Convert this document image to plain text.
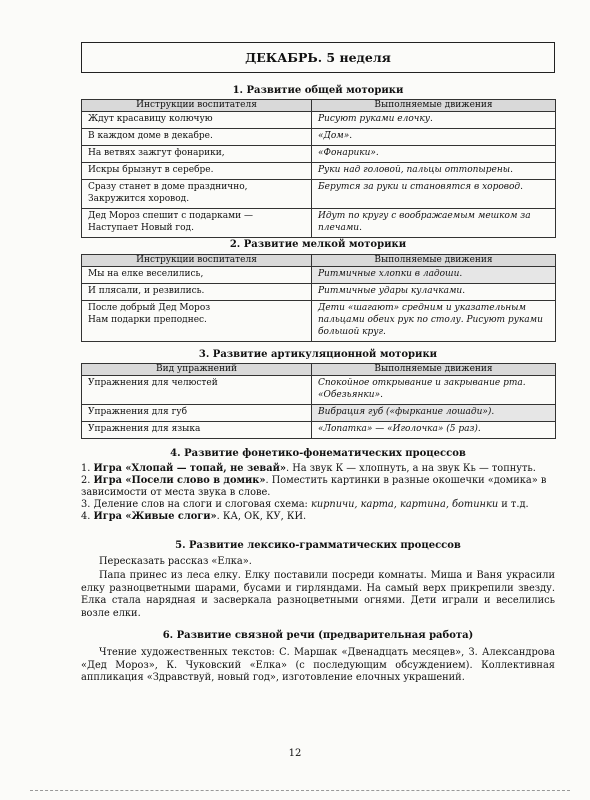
ДЕКАБРЬ. 5 неделя
1. Развитие общей моторики
Инструкции воспитателя	Выполняемые движения
Ждут красавицу колючую	Рисуют руками елочку.
В каждом доме в декабре.	«Дом».
На ветвях зажгут фонарики,	«Фонарики».
Искры брызнут в серебре.	Руки над головой, пальцы оттопырены.
Сразу станет в доме празднично,
Закружится хоровод.	Берутся за руки и становятся в хоровод.
Дед Мороз спешит с подарками —
Наступает Новый год.	Идут по кругу с воображаемым мешком за плечами.
2. Развитие мелкой моторики
Инструкции воспитателя	Выполняемые движения
Мы на елке веселились,	Ритмичные хлопки в ладоши.
И плясали, и резвились.	Ритмичные удары кулачками.
После добрый Дед Мороз
Нам подарки преподнес.	Дети «шагают» средним и указательным пальцами обеих рук по столу. Рисуют руками большой круг.
3. Развитие артикуляционной моторики
Вид упражнений	Выполняемые движения
Упражнения для челюстей	Спокойное открывание и закрывание рта. «Обезьянки».
Упражнения для губ	Вибрация губ («фыркание лошади»).
Упражнения для языка	«Лопатка» — «Иголочка» (5 раз).
4. Развитие фонетико-фонематических процессов
1. Игра «Хлопай — топай, не зевай». На звук К — хлопнуть, а на звук Кь — топнуть.
2. Игра «Посели слово в домик». Поместить картинки в разные окошечки «домика» в зависимости от места звука в слове.
3. Деление слов на слоги и слоговая схема: кирпичи, карта, картина, ботинки и т.д.
4. Игра «Живые слоги». КА, ОК, КУ, КИ.
5. Развитие лексико-грамматических процессов

Пересказать рассказ «Елка».

Папа принес из леса елку. Елку поставили посреди комнаты. Миша и Ваня украсили елку разноцветными шарами, бусами и гирляндами. На самый верх прикрепили звезду. Елка стала нарядная и засверкала разноцветными огнями. Дети играли и веселились возле елки.

6. Развитие связной речи (предварительная работа)

Чтение художественных текстов: С. Маршак «Двенадцать месяцев», З. Александрова «Дед Мороз», К. Чуковский «Елка» (с последующим обсуждением). Коллективная аппликация «Здравствуй, новый год», изготовление елочных украшений.

12
